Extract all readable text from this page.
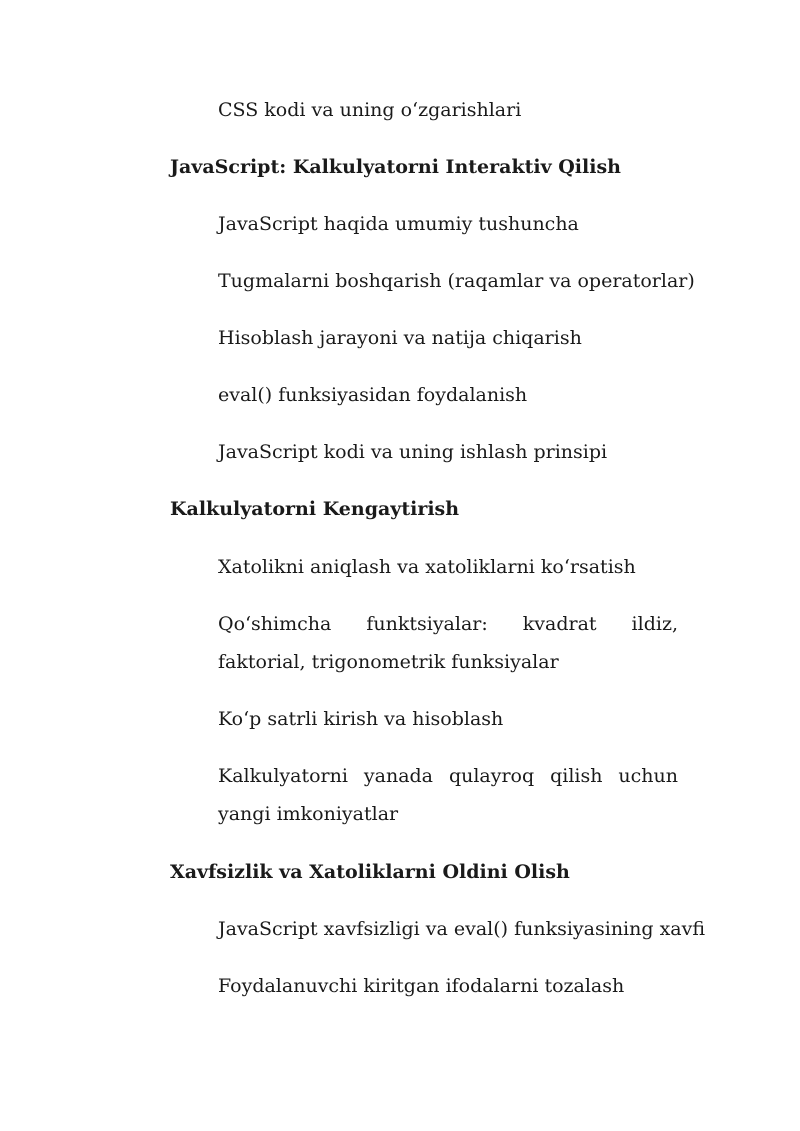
CSS kodi va uning o‘zgarishlari
JavaScript: Kalkulyatorni Interaktiv Qilish
JavaScript haqida umumiy tushuncha
Tugmalarni boshqarish (raqamlar va operatorlar)
Hisoblash jarayoni va natija chiqarish
eval() funksiyasidan foydalanish
JavaScript kodi va uning ishlash prinsipi
Kalkulyatorni Kengaytirish
Xatolikni aniqlash va xatoliklarni ko‘rsatish
Qo‘shimcha funktsiyalar: kvadrat ildiz, faktorial, trigonometrik funksiyalar
Ko‘p satrli kirish va hisoblash
Kalkulyatorni yanada qulayroq qilish uchun yangi imkoniyatlar
Xavfsizlik va Xatoliklarni Oldini Olish
JavaScript xavfsizligi va eval() funksiyasining xavfi
Foydalanuvchi kiritgan ifodalarni tozalash
